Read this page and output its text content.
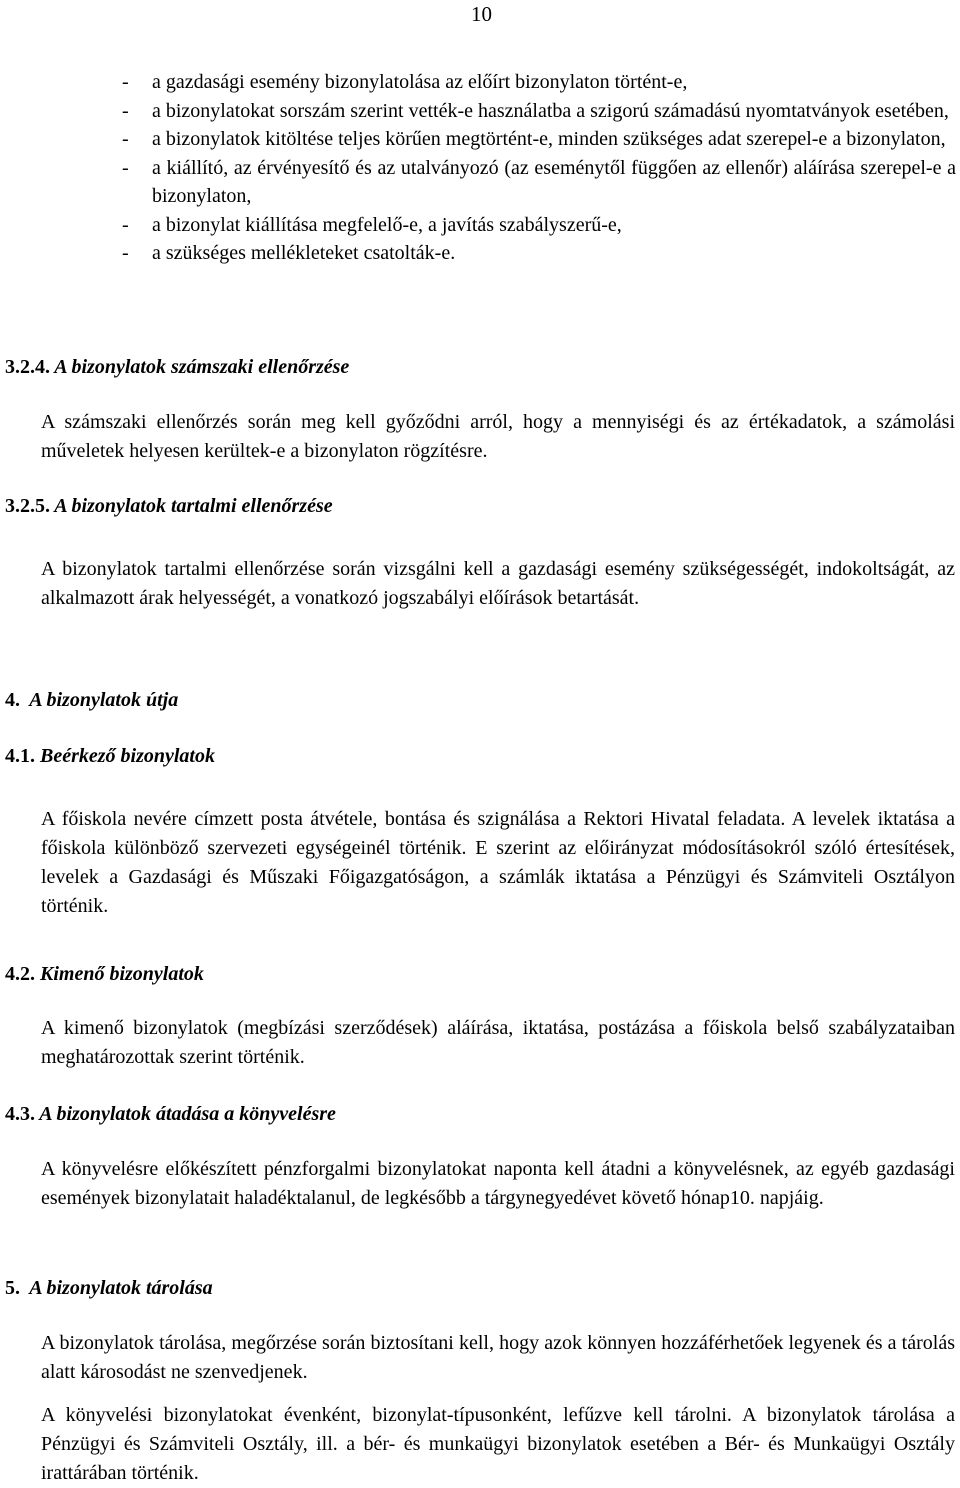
10
- a gazdasági esemény bizonylatolása az előírt bizonylaton történt-e,
- a bizonylatokat sorszám szerint vették-e használatba a szigorú számadású nyomtatványok esetében,
- a bizonylatok kitöltése teljes körűen megtörtént-e, minden szükséges adat szerepel-e a bizonylaton,
- a kiállító, az érvényesítő és az utalványozó (az eseménytől függően az ellenőr) aláírása szerepel-e a bizonylaton,
- a bizonylat kiállítása megfelelő-e, a javítás szabályszerű-e,
- a szükséges mellékleteket csatolták-e.
3.2.4. A bizonylatok számszaki ellenőrzése

A számszaki ellenőrzés során meg kell győződni arról, hogy a mennyiségi és az értékadatok, a számolási műveletek helyesen kerültek-e a bizonylaton rögzítésre.

3.2.5. A bizonylatok tartalmi ellenőrzése

A bizonylatok tartalmi ellenőrzése során vizsgálni kell a gazdasági esemény szükségességét, indokoltságát, az alkalmazott árak helyességét, a vonatkozó jogszabályi előírások betartását.

4. A bizonylatok útja
4.1. Beérkező bizonylatok

A főiskola nevére címzett posta átvétele, bontása és szignálása a Rektori Hivatal feladata. A levelek iktatása a főiskola különböző szervezeti egységeinél történik. E szerint az előirányzat módosításokról szóló értesítések, levelek a Gazdasági és Műszaki Főigazgatóságon, a számlák iktatása a Pénzügyi és Számviteli Osztályon történik.

4.2. Kimenő bizonylatok

A kimenő bizonylatok (megbízási szerződések) aláírása, iktatása, postázása a főiskola belső szabályzataiban meghatározottak szerint történik.

4.3. A bizonylatok átadása a könyvelésre

A könyvelésre előkészített pénzforgalmi bizonylatokat naponta kell átadni a könyvelésnek, az egyéb gazdasági események bizonylatait haladéktalanul, de legkésőbb a tárgynegyedévet követő hónap10. napjáig.

5. A bizonylatok tárolása

A bizonylatok tárolása, megőrzése során biztosítani kell, hogy azok könnyen hozzáférhetőek legyenek és a tárolás alatt károsodást ne szenvedjenek.

A könyvelési bizonylatokat évenként, bizonylat-típusonként, lefűzve kell tárolni. A bizonylatok tárolása a Pénzügyi és Számviteli Osztály, ill. a bér- és munkaügyi bizonylatok esetében a Bér- és Munkaügyi Osztály irattárában történik.
